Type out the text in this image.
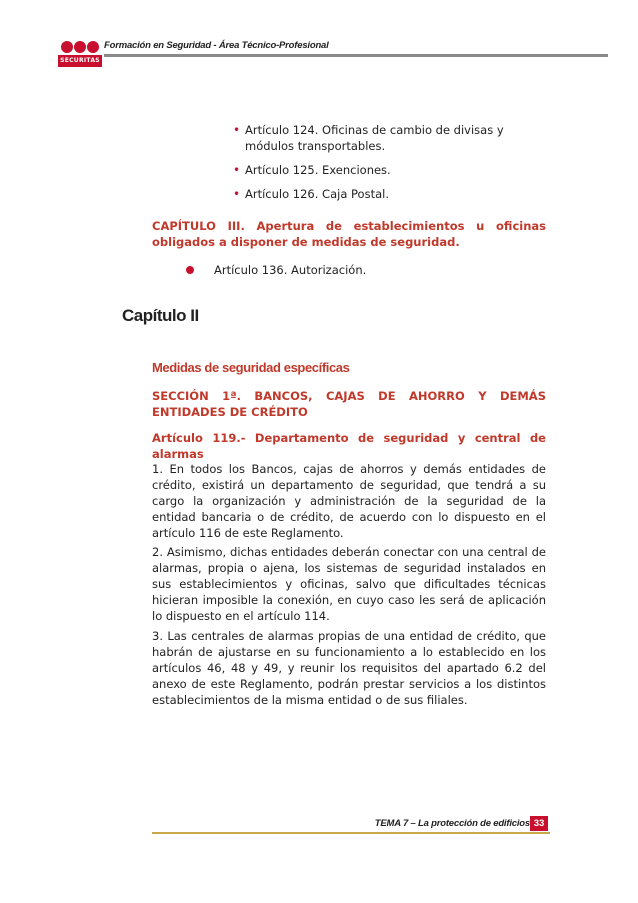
SECURITAS
Formación en Seguridad - Área Técnico-Profesional
• Artículo 124. Oficinas de cambio de divisas y módulos transportables.
• Artículo 125. Exenciones.
• Artículo 126. Caja Postal.
CAPÍTULO III. Apertura de establecimientos u oficinas obligados a disponer de medidas de seguridad.
Artículo 136. Autorización.
Capítulo II
Medidas de seguridad específicas
SECCIÓN 1ª. BANCOS, CAJAS DE AHORRO Y DEMÁS ENTIDADES DE CRÉDITO
Artículo 119.- Departamento de seguridad y central de alarmas
1. En todos los Bancos, cajas de ahorros y demás entidades de crédito, existirá un departamento de seguridad, que tendrá a su cargo la organización y administración de la seguridad de la entidad bancaria o de crédito, de acuerdo con lo dispuesto en el artículo 116 de este Reglamento.
2. Asimismo, dichas entidades deberán conectar con una central de alarmas, propia o ajena, los sistemas de seguridad instalados en sus establecimientos y oficinas, salvo que dificultades técnicas hicieran imposible la conexión, en cuyo caso les será de aplicación lo dispuesto en el artículo 114.
3. Las centrales de alarmas propias de una entidad de crédito, que habrán de ajustarse en su funcionamiento a lo establecido en los artículos 46, 48 y 49, y reunir los requisitos del apartado 6.2 del anexo de este Reglamento, podrán prestar servicios a los distintos establecimientos de la misma entidad o de sus filiales.
TEMA 7 – La protección de edificios 33
